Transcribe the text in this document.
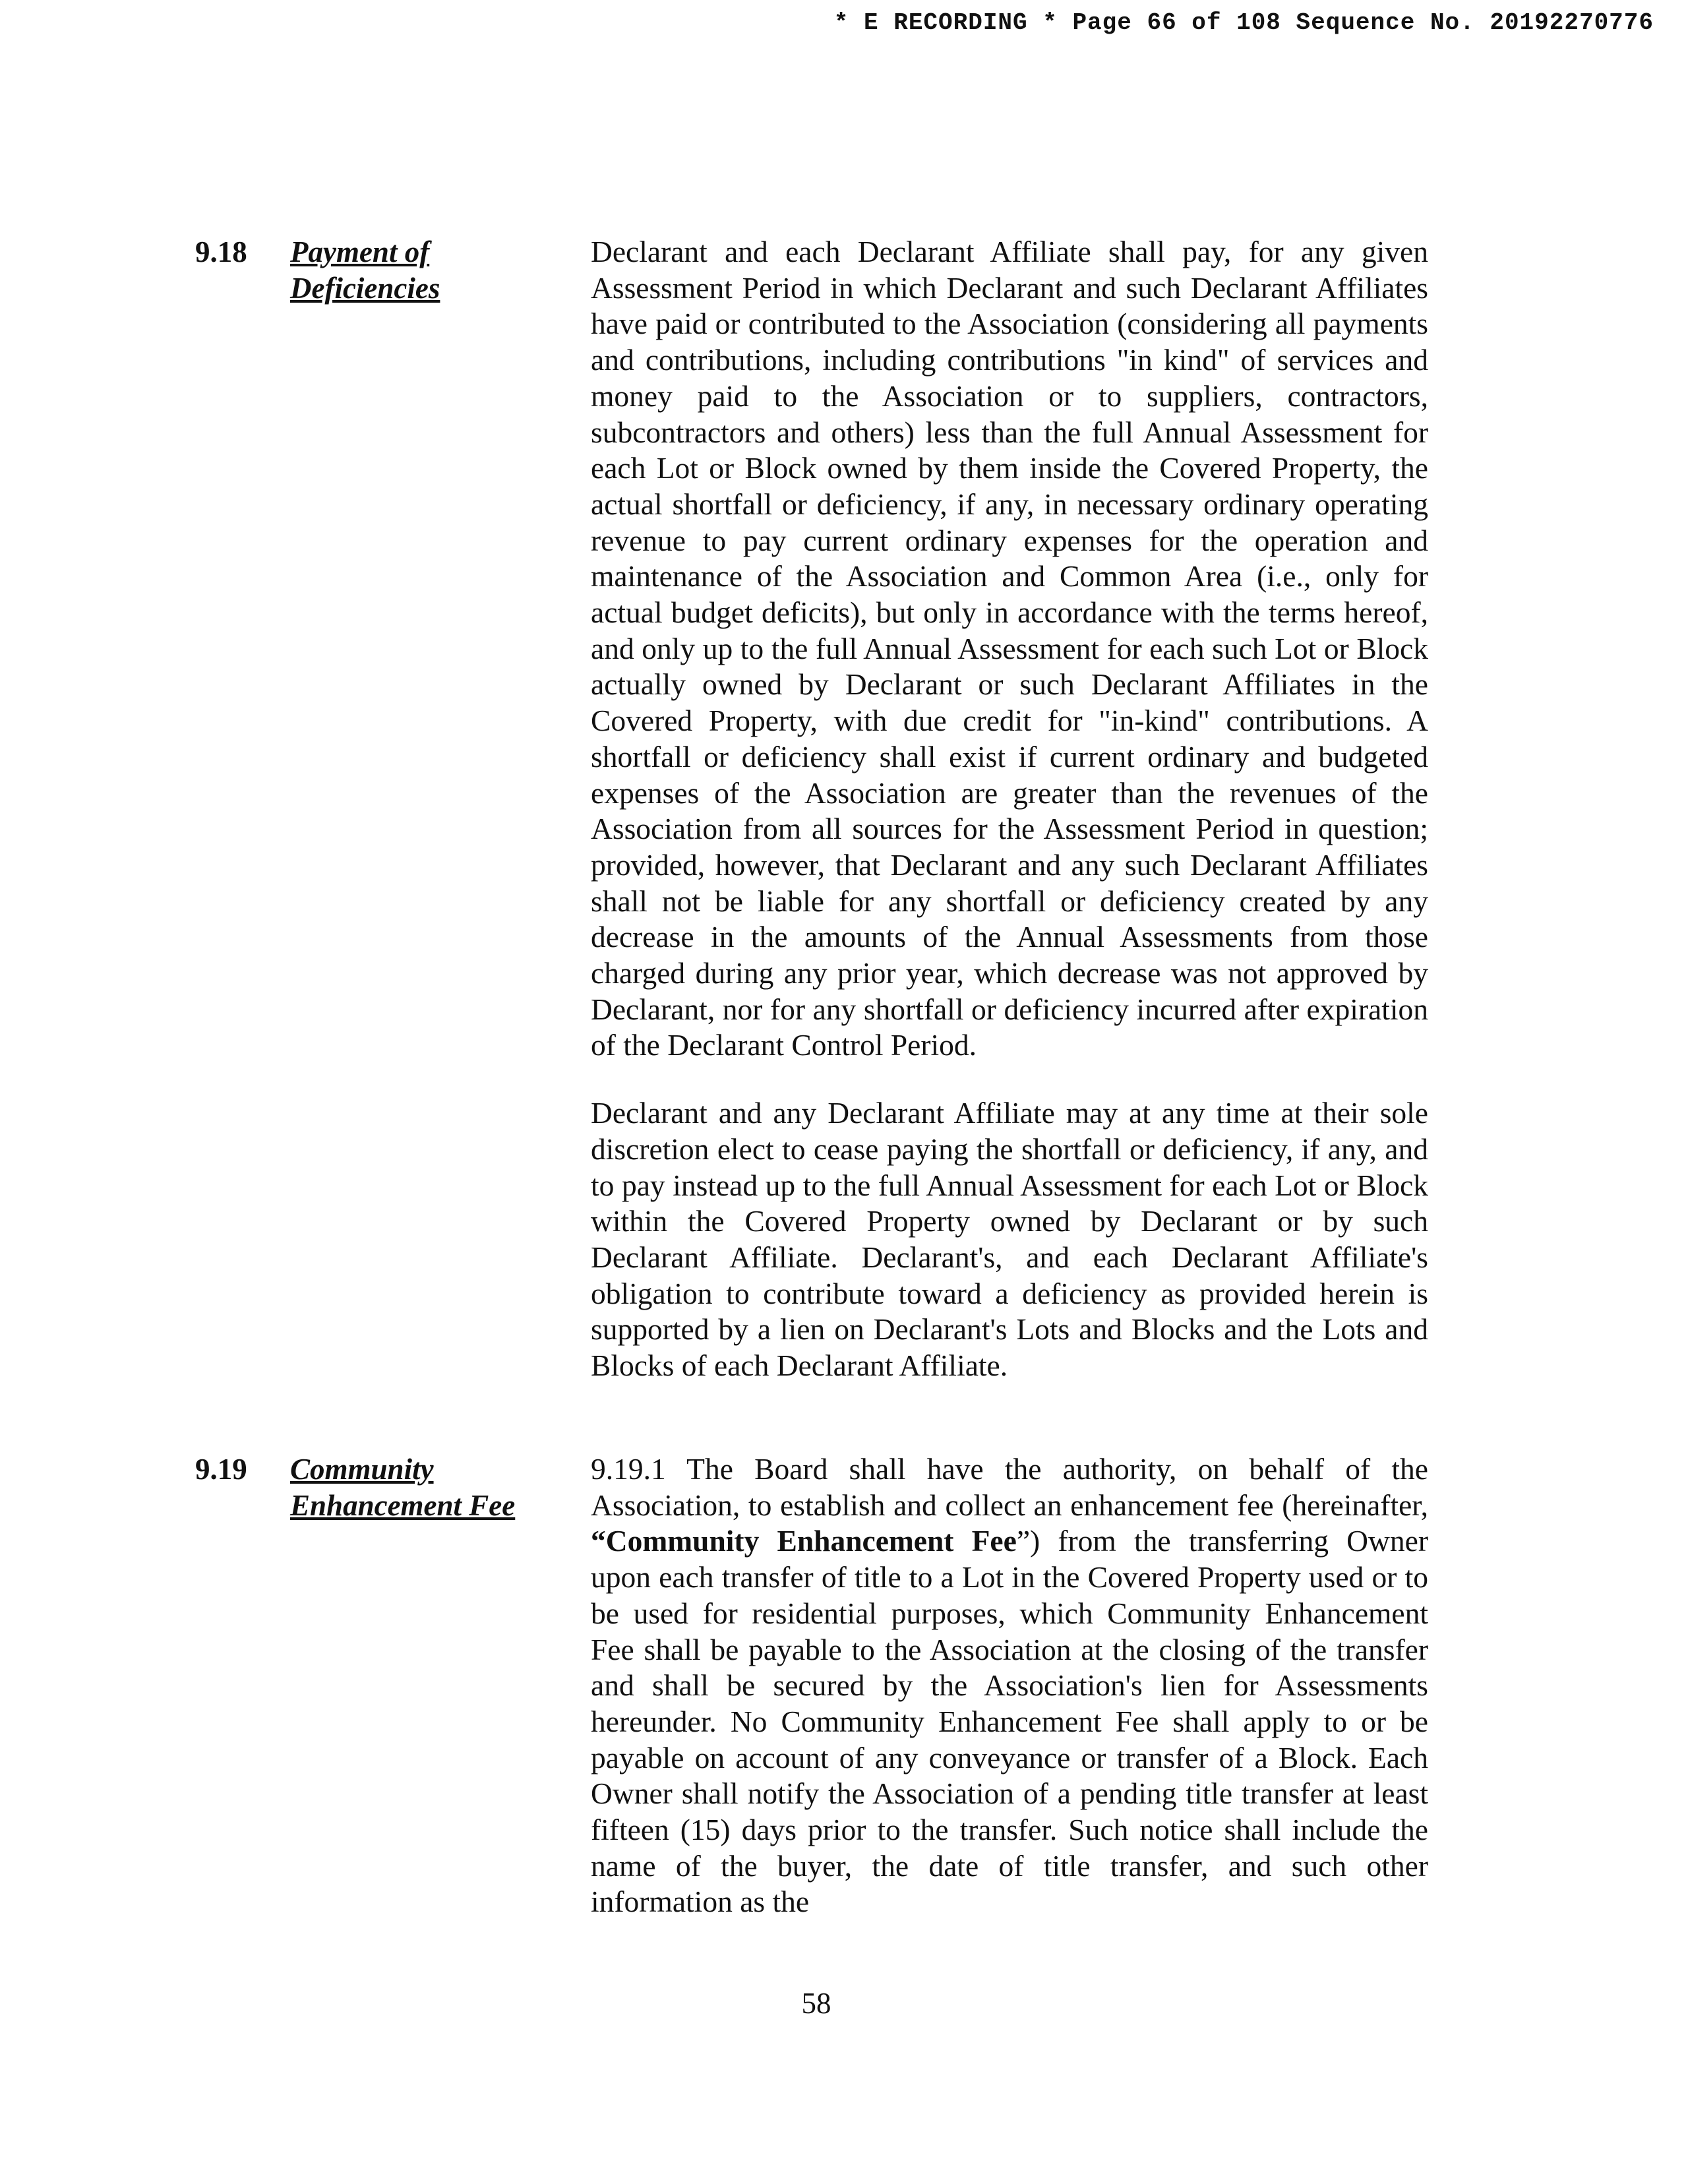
* E RECORDING * Page 66 of 108 Sequence No. 20192270776
9.18 Payment of Deficiencies

Declarant and each Declarant Affiliate shall pay, for any given Assessment Period in which Declarant and such Declarant Affiliates have paid or contributed to the Association (considering all payments and contributions, including contributions "in kind" of services and money paid to the Association or to suppliers, contractors, subcontractors and others) less than the full Annual Assessment for each Lot or Block owned by them inside the Covered Property, the actual shortfall or deficiency, if any, in necessary ordinary operating revenue to pay current ordinary expenses for the operation and maintenance of the Association and Common Area (i.e., only for actual budget deficits), but only in accordance with the terms hereof, and only up to the full Annual Assessment for each such Lot or Block actually owned by Declarant or such Declarant Affiliates in the Covered Property, with due credit for "in-kind" contributions. A shortfall or deficiency shall exist if current ordinary and budgeted expenses of the Association are greater than the revenues of the Association from all sources for the Assessment Period in question; provided, however, that Declarant and any such Declarant Affiliates shall not be liable for any shortfall or deficiency created by any decrease in the amounts of the Annual Assessments from those charged during any prior year, which decrease was not approved by Declarant, nor for any shortfall or deficiency incurred after expiration of the Declarant Control Period.

Declarant and any Declarant Affiliate may at any time at their sole discretion elect to cease paying the shortfall or deficiency, if any, and to pay instead up to the full Annual Assessment for each Lot or Block within the Covered Property owned by Declarant or by such Declarant Affiliate. Declarant's, and each Declarant Affiliate's obligation to contribute toward a deficiency as provided herein is supported by a lien on Declarant's Lots and Blocks and the Lots and Blocks of each Declarant Affiliate.

9.19 Community Enhancement Fee

9.19.1 The Board shall have the authority, on behalf of the Association, to establish and collect an enhancement fee (hereinafter, “Community Enhancement Fee”) from the transferring Owner upon each transfer of title to a Lot in the Covered Property used or to be used for residential purposes, which Community Enhancement Fee shall be payable to the Association at the closing of the transfer and shall be secured by the Association's lien for Assessments hereunder. No Community Enhancement Fee shall apply to or be payable on account of any conveyance or transfer of a Block. Each Owner shall notify the Association of a pending title transfer at least fifteen (15) days prior to the transfer. Such notice shall include the name of the buyer, the date of title transfer, and such other information as the

58
